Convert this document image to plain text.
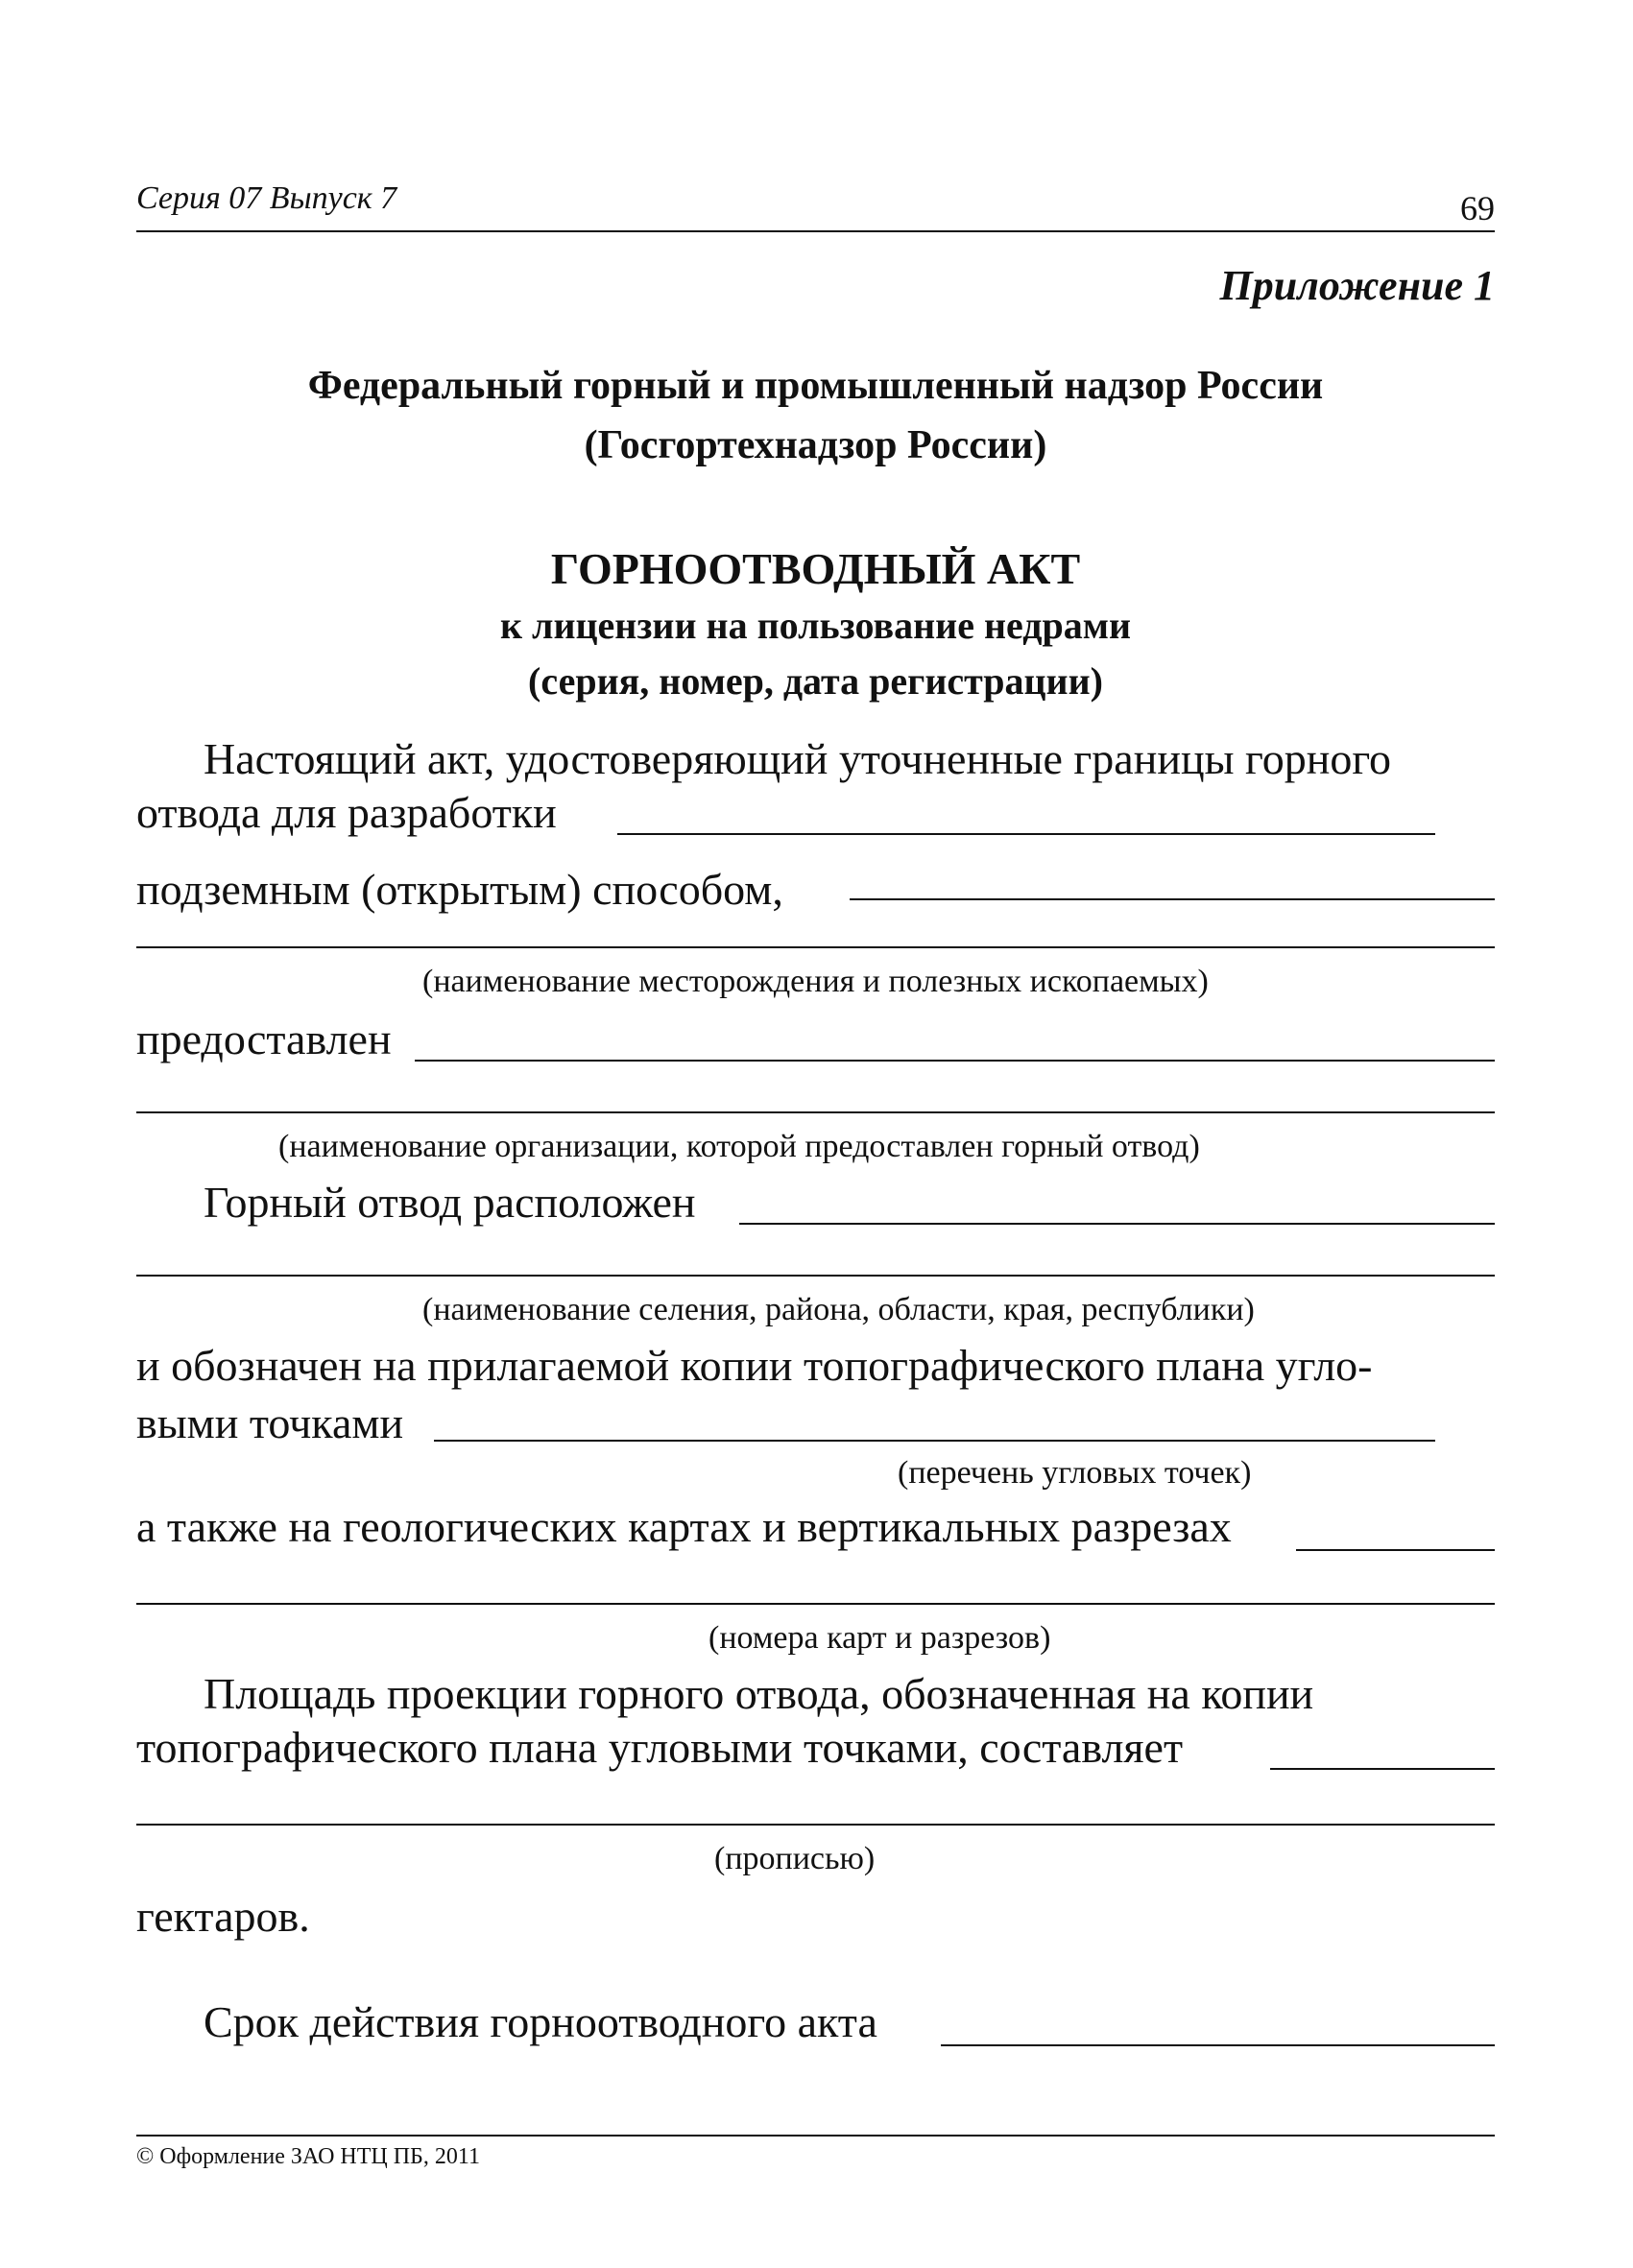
Серия 07 Выпуск 7	69
Приложение 1
Федеральный горный и промышленный надзор России
(Госгортехнадзор России)
ГОРНООТВОДНЫЙ АКТ
к лицензии на пользование недрами
(серия, номер, дата регистрации)
Настоящий акт, удостоверяющий уточненные границы горного
отвода для разработки
подземным (открытым) способом,
(наименование месторождения и полезных ископаемых)
предоставлен
(наименование организации, которой предоставлен горный отвод)
Горный отвод расположен
(наименование селения, района, области, края, республики)
и обозначен на прилагаемой копии топографического плана угло-
выми точками
(перечень угловых точек)
а также на геологических картах и вертикальных разрезах
(номера карт и разрезов)
Площадь проекции горного отвода, обозначенная на копии
топографического плана угловыми точками, составляет
(прописью)
гектаров.
Срок действия горноотводного акта
© Оформление ЗАО НТЦ ПБ, 2011
